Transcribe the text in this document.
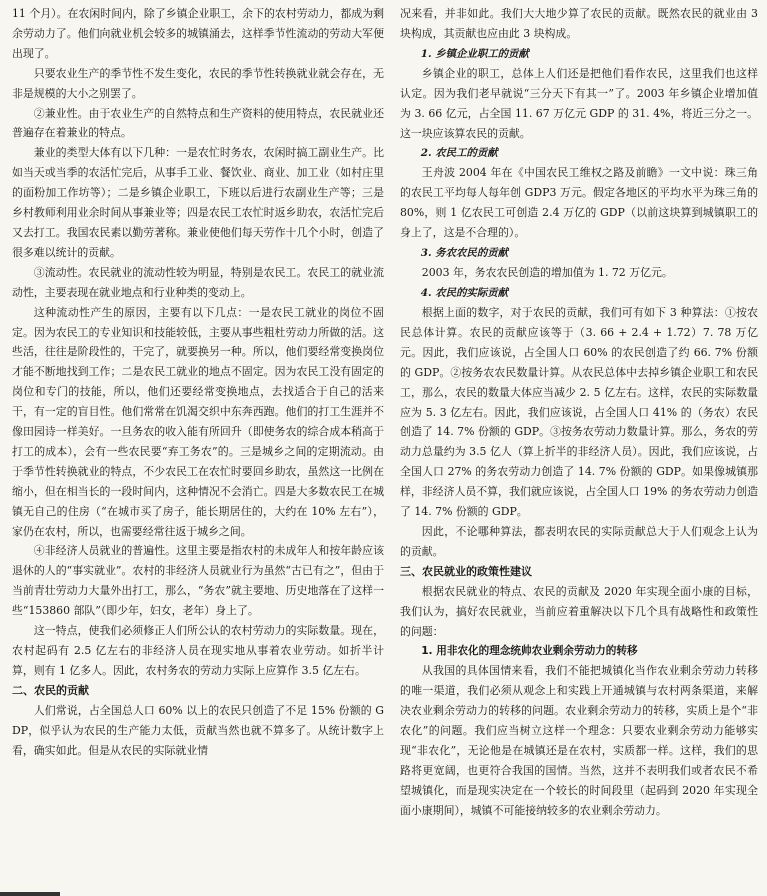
11 个月）。在农闲时间内，除了乡镇企业职工，余下的农村劳动力，都成为剩余劳动力了。他们向就业机会较多的城镇涌去，这样季节性流动的劳动大军便出现了。

只要农业生产的季节性不发生变化，农民的季节性转换就业就会存在，无非是规模的大小之别罢了。

②兼业性。由于农业生产的自然特点和生产资料的使用特点，农民就业还普遍存在着兼业的特点。

兼业的类型大体有以下几种：一是农忙时务农，农闲时搞工副业生产。比如当天或当季的农活忙完后，从事手工业、餐饮业、商业、加工业（如村庄里的面粉加工作坊等）；二是乡镇企业职工，下班以后进行农副业生产等；三是乡村教师利用业余时间从事兼业等；四是农民工农忙时返乡助农，农活忙完后又去打工。我国农民素以勤劳著称。兼业使他们每天劳作十几个小时，创造了很多难以统计的贡献。

③流动性。农民就业的流动性较为明显，特别是农民工。农民工的就业流动性，主要表现在就业地点和行业种类的变动上。

这种流动性产生的原因，主要有以下几点：一是农民工就业的岗位不固定。因为农民工的专业知识和技能较低，主要从事些粗杜劳动力所做的活。这些活，往往是阶段性的，干完了，就要换另一种。所以，他们要经常变换岗位才能不断地找到工作；二是农民工就业的地点不固定。因为农民工没有固定的岗位和专门的技能，所以，他们还要经常变换地点，去找适合于自己的活来干，有一定的盲目性。他们常常在饥渴交织中东奔西跑。他们的打工生涯并不像田园诗一样美好。一旦务农的收入能有所回升（即使务农的综合成本稍高于打工的成本），会有一些农民要“弃工务农”的。三是城乡之间的定期流动。由于季节性转换就业的特点，不少农民工在农忙时要回乡助农，虽然这一比例在缩小，但在相当长的一段时间内，这种情况不会消亡。四是大多数农民工在城镇无自己的住房（“在城市买了房子，能长期居住的，大约在 10% 左右”），家仍在农村，所以，也需要经常往返于城乡之间。

④非经济人员就业的普遍性。这里主要是指农村的未成年人和按年龄应该退休的人的“事实就业”。农村的非经济人员就业行为虽然“古已有之”，但由于当前青壮劳动力大量外出打工，那么，“务农”就主要地、历史地落在了这样一些“153860 部队”（即少年，妇女，老年）身上了。

这一特点，使我们必须修正人们所公认的农村劳动力的实际数量。现在，农村起码有 2.5 亿左右的非经济人员在现实地从事着农业劳动。如折半计算，则有 1 亿多人。因此，农村务农的劳动力实际上应算作 3.5 亿左右。

二、农民的贡献

人们常说，占全国总人口 60% 以上的农民只创造了不足 15% 份额的 GDP，似乎认为农民的生产能力太低，贡献当然也就不算多了。从统计数字上看，确实如此。但是从农民的实际就业情

况来看，并非如此。我们大大地少算了农民的贡献。既然农民的就业由 3 块构成，其贡献也应由此 3 块构成。

1. 乡镇企业职工的贡献

乡镇企业的职工，总体上人们还是把他们看作农民，这里我们也这样认定。因为我们老早就说“三分天下有其一”了。2003 年乡镇企业增加值为 3. 66 亿元，占全国 11. 67 万亿元 GDP 的 31. 4%，将近三分之一。这一块应该算农民的贡献。

2. 农民工的贡献

王舟波 2004 年在《中国农民工维权之路及前瞻》一文中说：珠三角的农民工平均每人每年创 GDP3 万元。假定各地区的平均水平为珠三角的 80%，则 1 亿农民工可创造 2.4 万亿的 GDP（以前这块算到城镇职工的身上了，这是不合理的）。

3. 务农农民的贡献

2003 年，务农农民创造的增加值为 1. 72 万亿元。

4. 农民的实际贡献

根据上面的数字，对于农民的贡献，我们可有如下 3 种算法：①按农民总体计算。农民的贡献应该等于（3. 66 + 2.4 + 1.72）7. 78 万亿元。因此，我们应该说，占全国人口 60% 的农民创造了约 66. 7% 份额的 GDP。②按务农农民数量计算。从农民总体中去掉乡镇企业职工和农民工，那么，农民的数量大体应当减少 2. 5 亿左右。这样，农民的实际数量应为 5. 3 亿左右。因此，我们应该说，占全国人口 41% 的（务农）农民创造了 14. 7% 份额的 GDP。③按务农劳动力数量计算。那么，务农的劳动力总量约为 3.5 亿人（算上折半的非经济人员）。因此，我们应该说，占全国人口 27% 的务农劳动力创造了 14. 7% 份额的 GDP。如果像城镇那样，非经济人员不算，我们就应该说，占全国人口 19% 的务农劳动力创造了 14. 7% 份额的 GDP。

因此，不论哪种算法，都表明农民的实际贡献总大于人们观念上认为的贡献。

三、农民就业的政策性建议

根据农民就业的特点、农民的贡献及 2020 年实现全面小康的目标，我们认为，搞好农民就业，当前应着重解决以下几个具有战略性和政策性的问题：

1. 用非农化的理念统帅农业剩余劳动力的转移

从我国的具体国情来看，我们不能把城镇化当作农业剩余劳动力转移的唯一渠道，我们必须从观念上和实践上开通城镇与农村两条渠道，来解决农业剩余劳动力的转移的问题。农业剩余劳动力的转移，实质上是个“非农化”的问题。我们应当树立这样一个理念：只要农业剩余劳动力能够实现“非农化”，无论他是在城镇还是在农村，实质都一样。这样，我们的思路将更宽阔，也更符合我国的国情。当然，这并不表明我们或者农民不希望城镇化，而是现实决定在一个较长的时间段里（起码到 2020 年实现全面小康期间），城镇不可能接纳较多的农业剩余劳动力。
